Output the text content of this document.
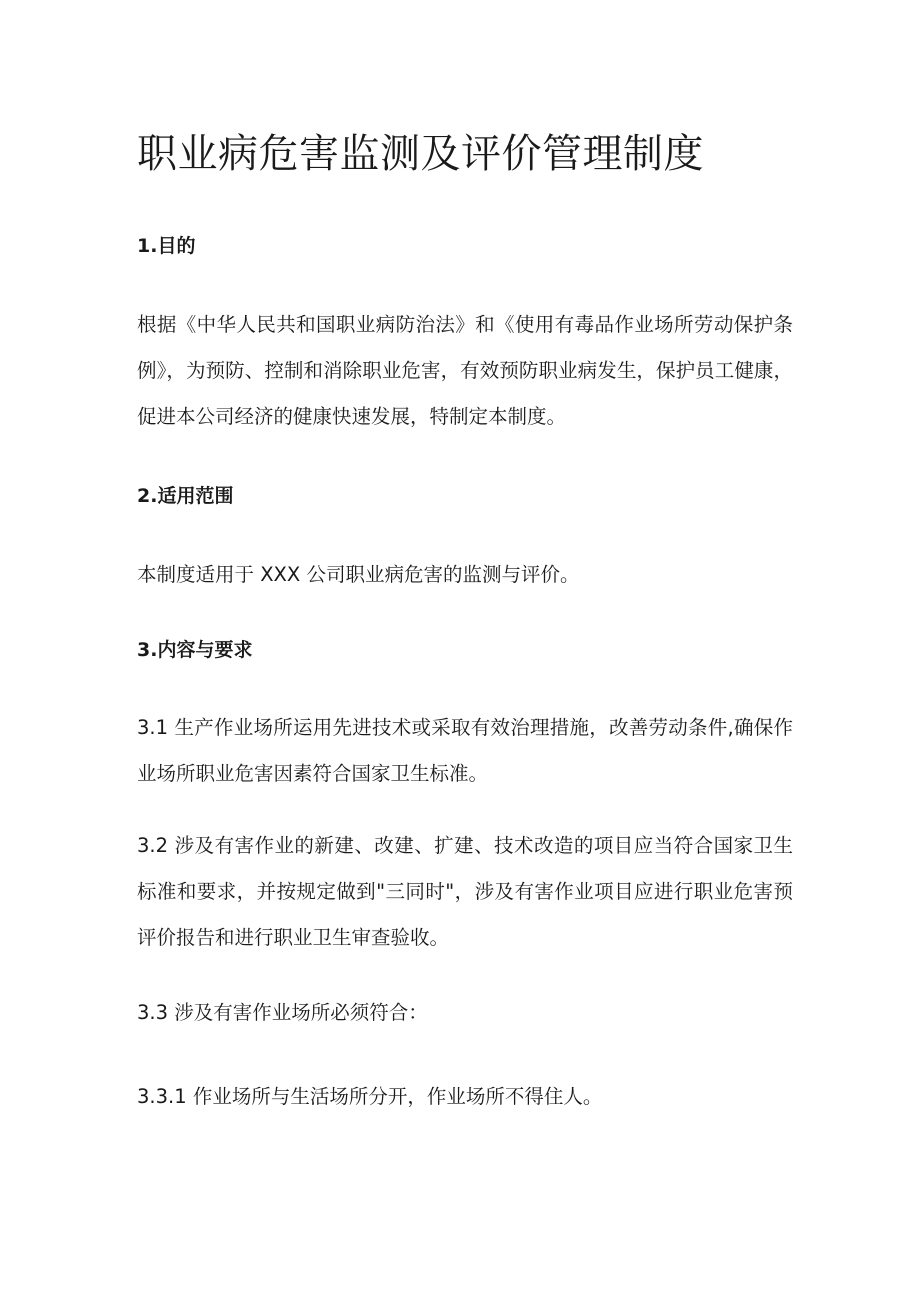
职业病危害监测及评价管理制度
1.目的

根据《中华人民共和国职业病防治法》和《使用有毒品作业场所劳动保护条例》，为预防、控制和消除职业危害，有效预防职业病发生，保护员工健康，促进本公司经济的健康快速发展，特制定本制度。

2.适用范围

本制度适用于 XXX 公司职业病危害的监测与评价。

3.内容与要求

3.1 生产作业场所运用先进技术或采取有效治理措施，改善劳动条件,确保作业场所职业危害因素符合国家卫生标准。

3.2 涉及有害作业的新建、改建、扩建、技术改造的项目应当符合国家卫生标准和要求，并按规定做到"三同时"，涉及有害作业项目应进行职业危害预评价报告和进行职业卫生审查验收。

3.3 涉及有害作业场所必须符合：

3.3.1 作业场所与生活场所分开，作业场所不得住人。
